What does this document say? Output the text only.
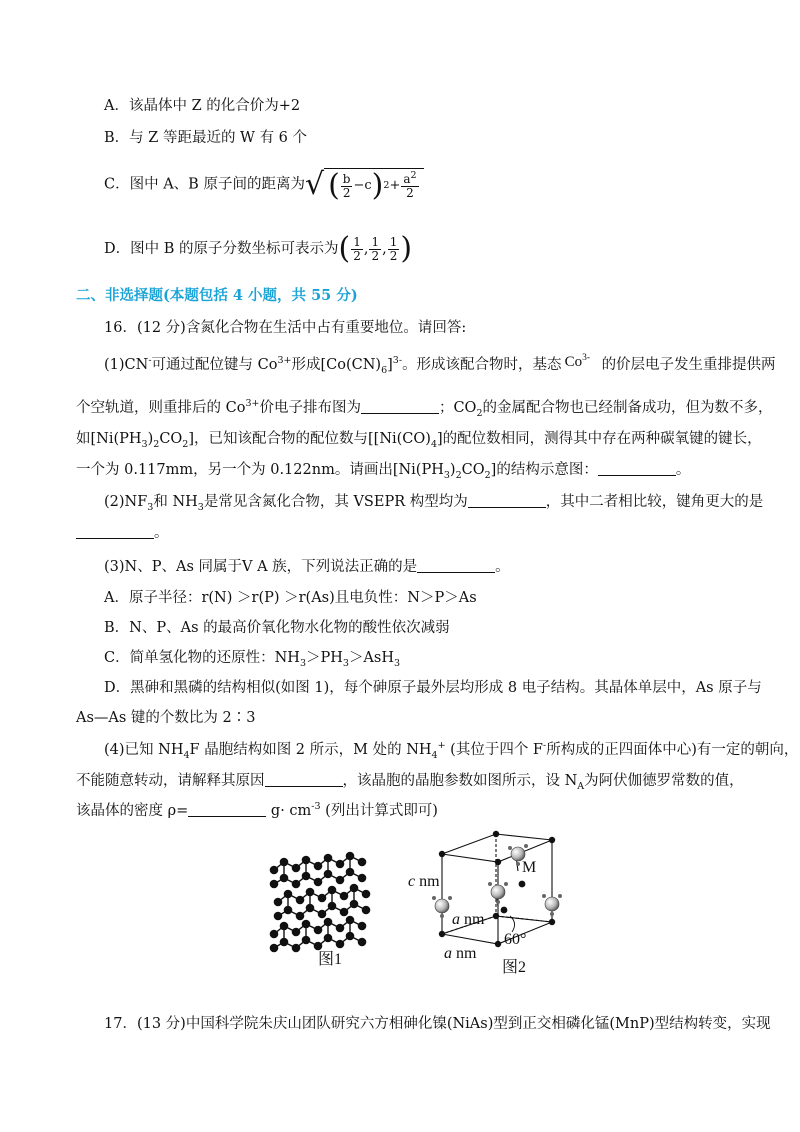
A．该晶体中 Z 的化合价为+2
B．与 Z 等距最近的 W 有 6 个
C．图中 A、B 原子间的距离为 √ ( $\frac{b}{2} - c$ ) $2 + \frac{a^2}{2}$
D．图中 B 的原子分数坐标可表示为( $\frac{1}{2}$ , $\frac{1}{2}$ , $\frac{1}{2}$ )
二、非选择题(本题包括 4 小题，共 55 分)
16．(12 分)含氮化合物在生活中占有重要地位。请回答:
(1)CN-可通过配位键与 $Co^{3+}$形成$[Co(CN)_6]^{3-}$。形成该配合物时，基态 $Co^{3-}$ 的价层电子发生重排提供两
个空轨道，则重排后的 $Co^{3+}$价电子排布图为	；$CO_2$的金属配合物也已经制备成功，但为数不多，
如$[Ni(PH_3)_2CO_2]$，已知该配合物的配位数与[$[Ni(CO)_4]$的配位数相同，测得其中存在两种碳氧键的键长，
一个为 0.117mm，另一个为 0.122nm。请画出$[Ni(PH_3)_2CO_2]$的结构示意图：	。
$(2)NF_3$和 $NH_3$是常见含氮化合物，其 VSEPR 构型均为	，其中二者相比较，键角更大的是
。
(3)N、P、As 同属于Ⅴ A 族，下列说法正确的是	。
A．原子半径：r(N) ＞r(P) ＞r(As)且电负性：N＞P＞As
B．N、P、As 的最高价氧化物水化物的酸性依次减弱
C．简单氢化物的还原性：$NH_3>PH_3>AsH_3$
D．黑砷和黑磷的结构相似(如图 1)，每个砷原子最外层均形成 8 电子结构。其晶体单层中，As 原子与
As—As 键的个数比为 2∶3
(4)已知 $NH_4F$ 晶胞结构如图 2 所示，M 处的 $NH_4^+$ (其位于四个 F-所构成的正四面体中心)有一定的朝向，
不能随意转动，请解释其原因	，该晶胞的晶胞参数如图所示，设 $N_A$为阿伏伽德罗常数的值，
该晶体的密度 ρ=	$g\cdot cm^{-3}$ (列出计算式即可)
图1
c nm
M
a nm
60°
a nm
图2
17．(13 分)中国科学院朱庆山团队研究六方相砷化镍(NiAs)型到正交相磷化锰(MnP)型结构转变，实现
